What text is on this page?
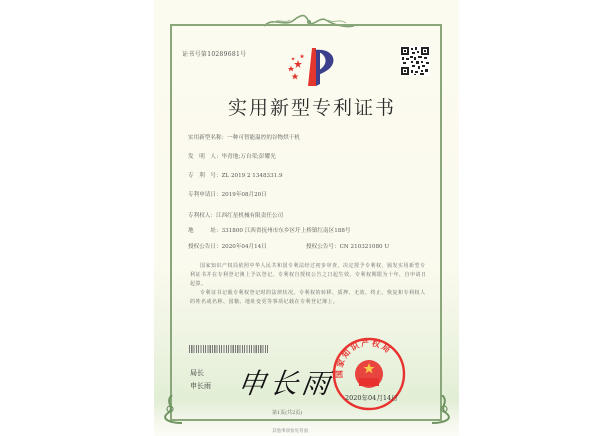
证书号第10289681号
实用新型专利证书
实用新型名称：一种可智能温控的谷物烘干机
发　明　人：毕青地;万自荣;彭耀光
专　利　号：ZL 2019 2 1348331.9
专利申请日：2019年08月20日
专利权人：江西红星机械有限责任公司
地　　　址：331800 江西省抚州市东乡区圩上桥镇红南区188号
授权公告日：2020年04月14日	授权公告号：CN 210321080 U
国家知识产权局依照中华人民共和国专利法经过初步审查，决定授予专利权，颁发实用新型专利证书并在专利登记簿上予以登记。专利权自授权公告之日起生效。专利权期限为十年，自申请日起算。
专利证书记载专利权登记时的法律状况。专利权的转移、质押、无效、终止、恢复和专利权人的姓名或名称、国籍、地址变更等事项记载在专利登记簿上。
局长
申长雨 申长雨
国家知识产权局
2020年04月14日
第1页(共2页)
其他事项参见背面
